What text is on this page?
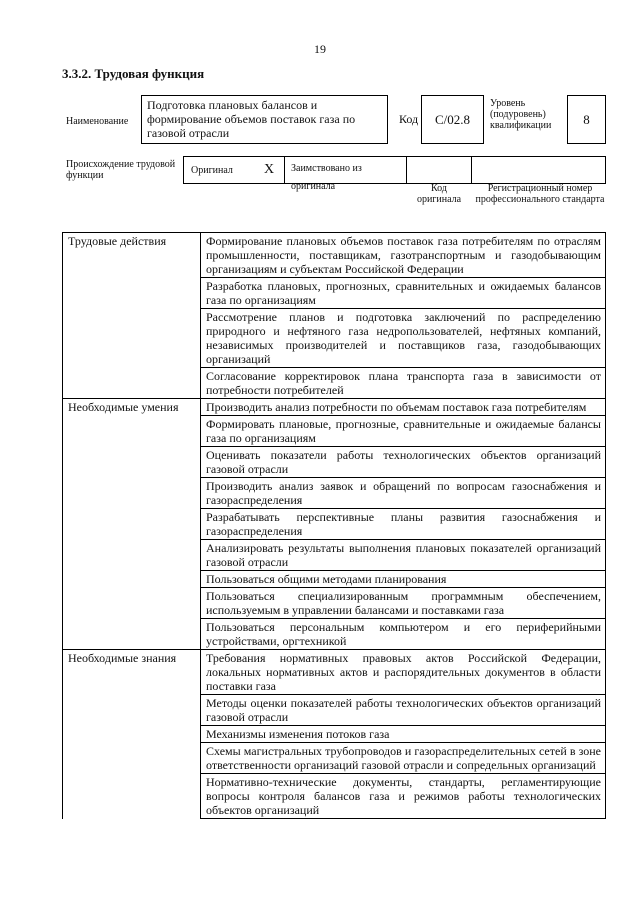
19
3.3.2. Трудовая функция
Наименование
Подготовка плановых балансов и формирование объемов поставок газа по газовой отрасли
Код C/02.8
Уровень (подуровень) квалификации	8
Происхождение трудовой функции	Оригинал X	Заимствовано из оригинала	Код оригинала
Регистрационный номер профессионального стандарта
Трудовые действия	Формирование плановых объемов поставок газа потребителям по отраслям промышленности, поставщикам, газотранспортным и газодобывающим организациям и субъектам Российской Федерации
	Разработка плановых, прогнозных, сравнительных и ожидаемых балансов газа по организациям
	Рассмотрение планов и подготовка заключений по распределению природного и нефтяного газа недропользователей, нефтяных компаний, независимых производителей и поставщиков газа, газодобывающих организаций
	Согласование корректировок плана транспорта газа в зависимости от потребности потребителей
Необходимые умения	Производить анализ потребности по объемам поставок газа потребителям
	Формировать плановые, прогнозные, сравнительные и ожидаемые балансы газа по организациям
	Оценивать показатели работы технологических объектов организаций газовой отрасли
	Производить анализ заявок и обращений по вопросам газоснабжения и газораспределения
	Разрабатывать перспективные планы развития газоснабжения и газораспределения
	Анализировать результаты выполнения плановых показателей организаций газовой отрасли
	Пользоваться общими методами планирования
	Пользоваться специализированным программным обеспечением, используемым в управлении балансами и поставками газа
	Пользоваться персональным компьютером и его периферийными устройствами, оргтехникой
Необходимые знания	Требования нормативных правовых актов Российской Федерации, локальных нормативных актов и распорядительных документов в области поставки газа
	Методы оценки показателей работы технологических объектов организаций газовой отрасли
	Механизмы изменения потоков газа
	Схемы магистральных трубопроводов и газораспределительных сетей в зоне ответственности организаций газовой отрасли и сопредельных организаций
	Нормативно-технические документы, стандарты, регламентирующие вопросы контроля балансов газа и режимов работы технологических объектов организаций
